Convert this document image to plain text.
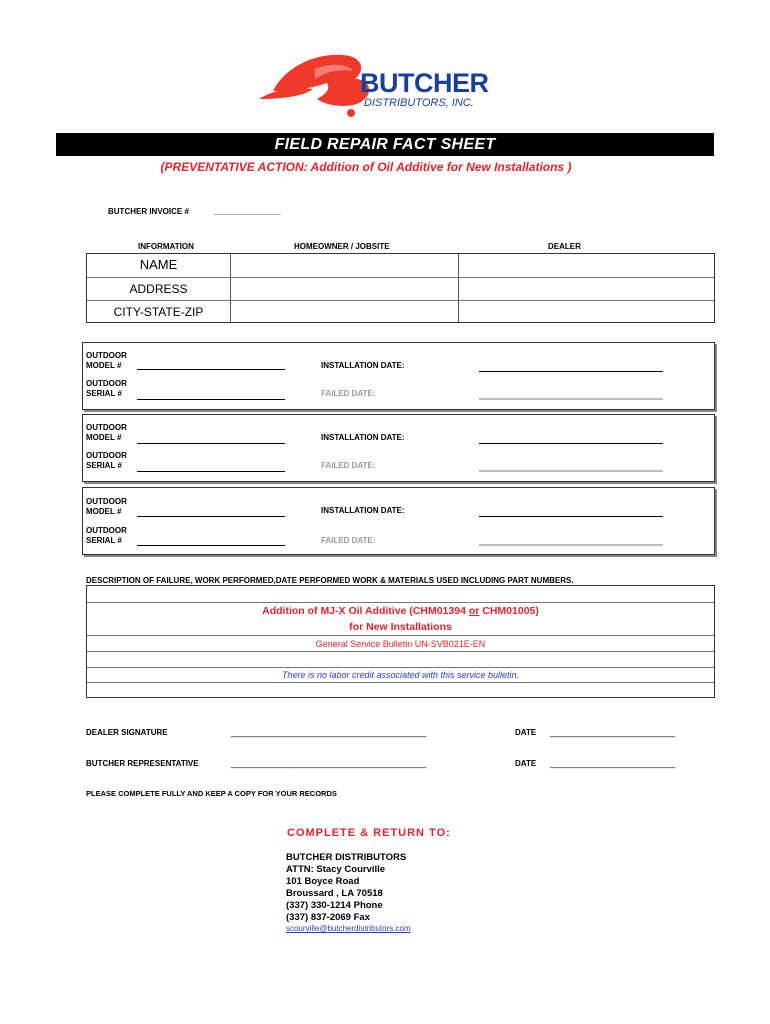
BUTCHER
DISTRIBUTORS, INC.
FIELD REPAIR FACT SHEET
(PREVENTATIVE ACTION: Addition of Oil Additive for New Installations )
BUTCHER INVOICE #	_______________
INFORMATION	HOMEOWNER / JOBSITE	DEALER
NAME
ADDRESS
CITY-STATE-ZIP
OUTDOOR
MODEL #	INSTALLATION DATE:
OUTDOOR
SERIAL #	FAILED DATE:
OUTDOOR
MODEL #	INSTALLATION DATE:
OUTDOOR
SERIAL #	FAILED DATE:
OUTDOOR
MODEL #	INSTALLATION DATE:
OUTDOOR
SERIAL #	FAILED DATE:
DESCRIPTION OF FAILURE, WORK PERFORMED,DATE PERFORMED WORK & MATERIALS USED INCLUDING PART NUMBERS.
Addition of MJ-X Oil Additive (CHM01394 or CHM01005)
for New Installations
General Service Bulletin UN-SVB021E-EN
There is no labor credit associated with this service bulletin.
DEALER SIGNATURE	_______________________________________	DATE _________________________
BUTCHER REPRESENTATIVE	_______________________________________	DATE _________________________
PLEASE COMPLETE FULLY AND KEEP A COPY FOR YOUR RECORDS
COMPLETE & RETURN TO:
BUTCHER DISTRIBUTORS
ATTN: Stacy Courville
101 Boyce Road
Broussard , LA 70518
(337) 330-1214 Phone
(337) 837-2069 Fax
scourville@butcherdistributors.com
